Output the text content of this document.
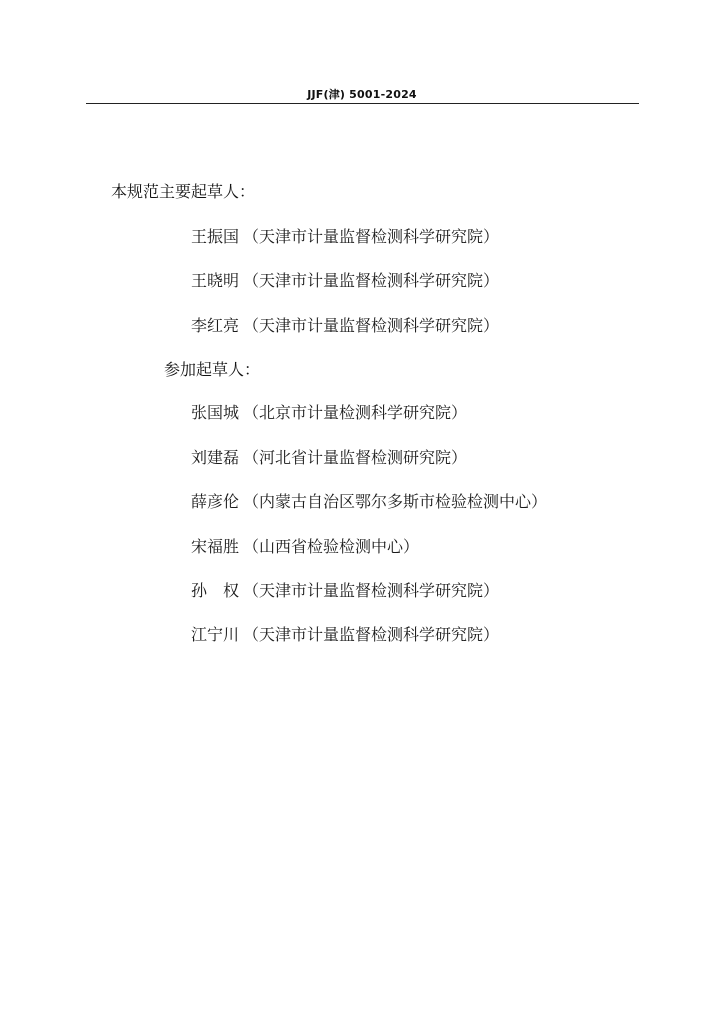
JJF(津) 5001-2024
本规范主要起草人：
王振国 （天津市计量监督检测科学研究院）
王晓明 （天津市计量监督检测科学研究院）
李红亮 （天津市计量监督检测科学研究院）
参加起草人：
张国城 （北京市计量检测科学研究院）
刘建磊 （河北省计量监督检测研究院）
薛彦伦 （内蒙古自治区鄂尔多斯市检验检测中心）
宋福胜 （山西省检验检测中心）
孙　权 （天津市计量监督检测科学研究院）
江宁川 （天津市计量监督检测科学研究院）
